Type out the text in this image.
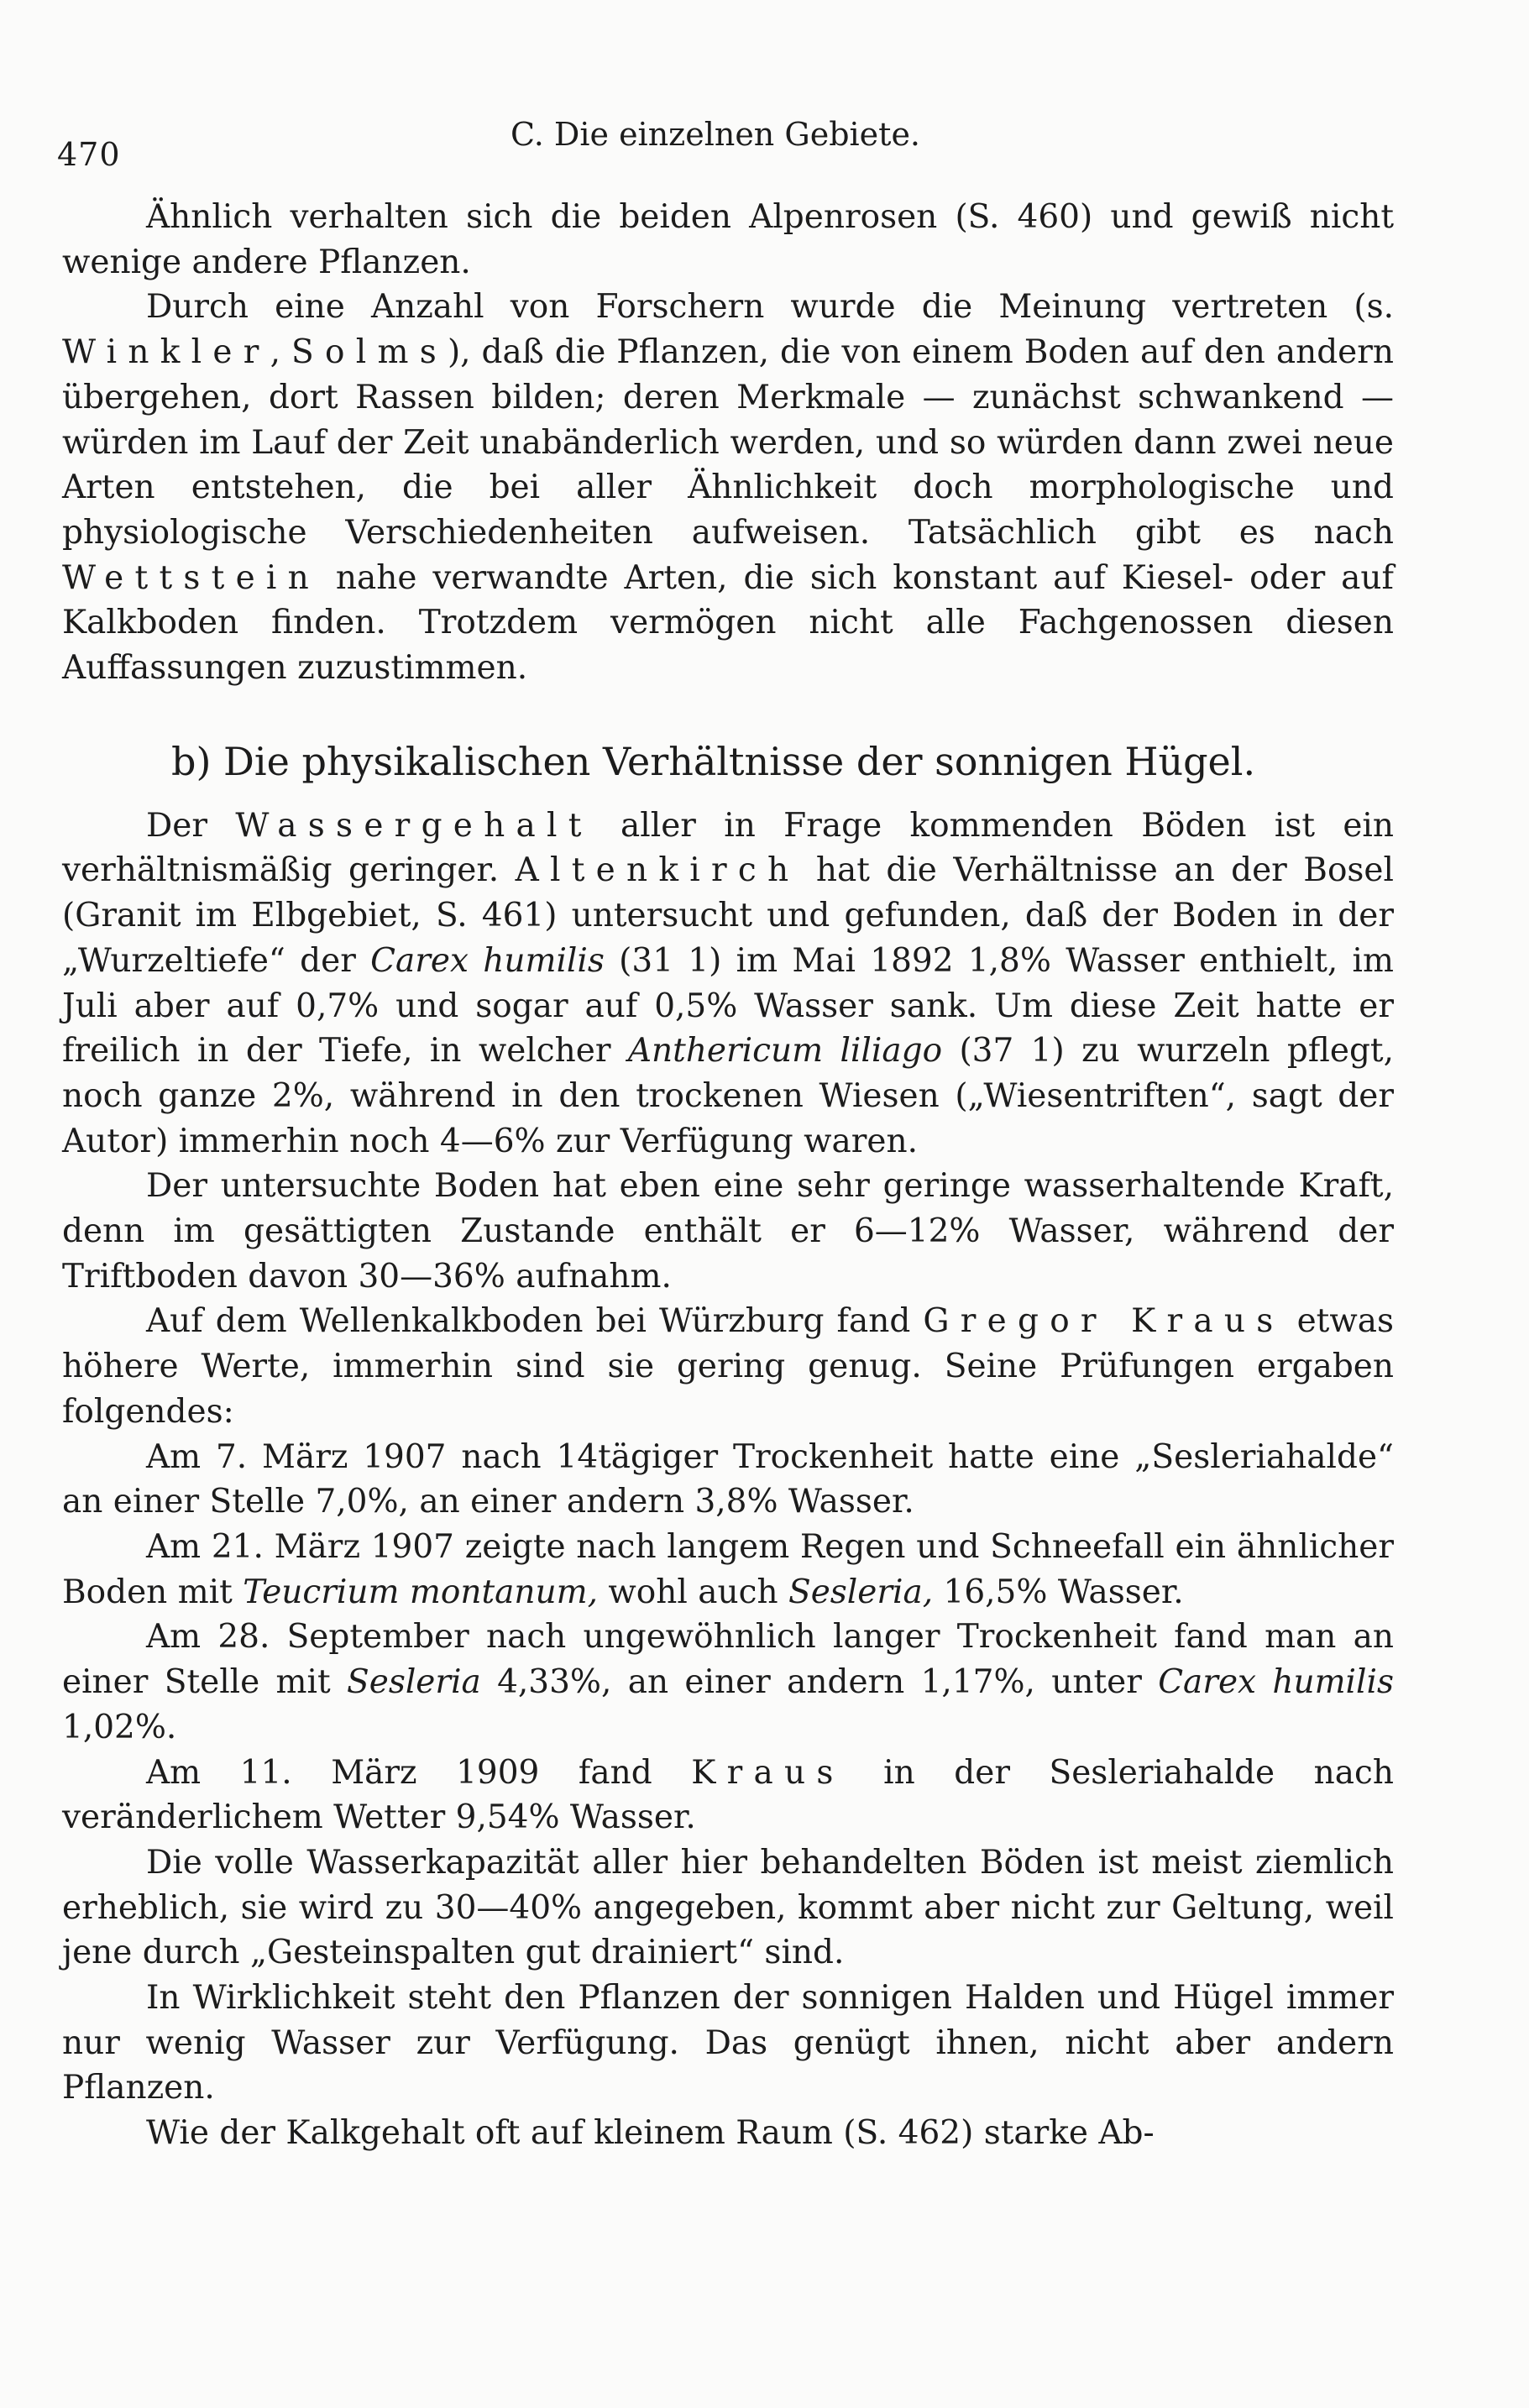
470
C. Die einzelnen Gebiete.

Ähnlich verhalten sich die beiden Alpenrosen (S. 460) und gewiß nicht wenige andere Pflanzen.

Durch eine Anzahl von Forschern wurde die Meinung vertreten (s. Winkler, Solms), daß die Pflanzen, die von einem Boden auf den andern übergehen, dort Rassen bilden; deren Merkmale — zunächst schwankend — würden im Lauf der Zeit unabänderlich werden, und so würden dann zwei neue Arten entstehen, die bei aller Ähnlichkeit doch morphologische und physiologische Verschiedenheiten aufweisen. Tatsächlich gibt es nach Wettstein nahe verwandte Arten, die sich konstant auf Kiesel- oder auf Kalkboden finden. Trotzdem vermögen nicht alle Fachgenossen diesen Auffassungen zuzustimmen.

b) Die physikalischen Verhältnisse der sonnigen Hügel.

Der Wassergehalt aller in Frage kommenden Böden ist ein verhältnismäßig geringer. Altenkirch hat die Verhältnisse an der Bosel (Granit im Elbgebiet, S. 461) untersucht und gefunden, daß der Boden in der „Wurzeltiefe“ der Carex humilis (31 1) im Mai 1892 1,8% Wasser enthielt, im Juli aber auf 0,7% und sogar auf 0,5% Wasser sank. Um diese Zeit hatte er freilich in der Tiefe, in welcher Anthericum liliago (37 1) zu wurzeln pflegt, noch ganze 2%, während in den trockenen Wiesen („Wiesentriften“, sagt der Autor) immerhin noch 4—6% zur Verfügung waren.

Der untersuchte Boden hat eben eine sehr geringe wasserhaltende Kraft, denn im gesättigten Zustande enthält er 6—12% Wasser, während der Triftboden davon 30—36% aufnahm.

Auf dem Wellenkalkboden bei Würzburg fand Gregor Kraus etwas höhere Werte, immerhin sind sie gering genug. Seine Prüfungen ergaben folgendes:

Am 7. März 1907 nach 14tägiger Trockenheit hatte eine „Sesleriahalde“ an einer Stelle 7,0%, an einer andern 3,8% Wasser.

Am 21. März 1907 zeigte nach langem Regen und Schneefall ein ähnlicher Boden mit Teucrium montanum, wohl auch Sesleria, 16,5% Wasser.

Am 28. September nach ungewöhnlich langer Trockenheit fand man an einer Stelle mit Sesleria 4,33%, an einer andern 1,17%, unter Carex humilis 1,02%.

Am 11. März 1909 fand Kraus in der Sesleriahalde nach veränderlichem Wetter 9,54% Wasser.

Die volle Wasserkapazität aller hier behandelten Böden ist meist ziemlich erheblich, sie wird zu 30—40% angegeben, kommt aber nicht zur Geltung, weil jene durch „Gesteinspalten gut drainiert“ sind.

In Wirklichkeit steht den Pflanzen der sonnigen Halden und Hügel immer nur wenig Wasser zur Verfügung. Das genügt ihnen, nicht aber andern Pflanzen.

Wie der Kalkgehalt oft auf kleinem Raum (S. 462) starke Ab-
